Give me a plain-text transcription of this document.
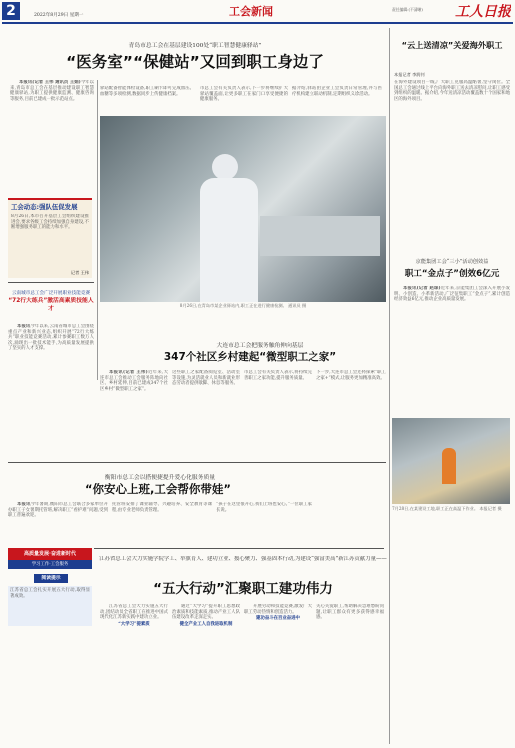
2	2022年8月29日 星期一	工会新闻	责任编辑:(不清晰)	工人日报
青岛市总工会在基层建设100处“职工智慧健康驿站”
“医务室”“保健站”又回到职工身边了

本报讯(记者 王伟 通讯员 王娟)今年以来,青岛市总工会在基层推动建设职工智慧健康驿站,为职工提供健康监测、健康咨询等服务,目前已建成一批示范站点。

驿站配备智能体检设备,职工刷卡即可完成血压、血糖等多项检测,数据同步上传健康档案。
市总工会有关负责人表示,下一步将继续扩大驿站覆盖面,让更多职工在家门口享受便捷的健康服务。
据介绍,驿站由企业工会负责日常管理,并与医疗机构建立联动机制,定期组织义诊活动。
工会动态:强队伍促发展
8月26日,本市召开基层工会组织建设推进会,要求各级工会持续加强自身建设,不断增强服务职工的能力和水平。
记者 王伟
云南城市总工会广泛开展职业技能竞赛
“72行大练兵”激活高素质技能人才

本报讯今年以来,云南省城市总工会围绕重点产业和新兴业态,组织开展“72行大练兵”职业技能竞赛活动,累计参赛职工数万人次,涌现出一批技术能手,为高质量发展提供了坚实的人才支撑。

8月26日,在青岛市某企业驿站内,职工正在进行健康检测。 通讯员 摄
大连市总工会把服务触角伸向基层
347个社区乡村建起“微型职工之家”

本报讯(记者 王伟)近年来,大连市总工会推动工会服务阵地向社区、乡村延伸,目前已建成347个社区乡村“微型职工之家”。

这些职工之家配备阅览室、活动室等设施,为灵活就业人员和新就业形态劳动者提供歇脚、休息等服务。
市总工会有关负责人表示,将持续完善职工之家功能,提升服务质量。
下一步,大连市总工会还将探索“职工之家+”模式,让服务更加精准高效。
衡阳市总工会以搭便捷提升爱心化服务质量
“你安心上班,工会帮你带娃”

本报讯今年暑期,衡阳市总工会联合多家单位开办职工子女暑期托管班,解决职工“看护难”问题,受到职工普遍欢迎。

托管班安排了课业辅导、兴趣培养、安全教育等课程,由专业老师负责管理。
“孩子在这里很开心,我们上班也安心。”一位职工家长说。
高质量发展·奋进新时代
学习工作·工会服务
阅读提示
江苏省总工会扎实开展五大行动,取得显著成效。
江苏省总工会大力实施学院学工、举旗育人、建功立业、援心聚力、强基固本行动,为建设“强富美高”新江苏贡献力量——
“五大行动”汇聚职工建功伟力

江苏省总工会大力实施五大行动,团结动员全省职工在推进中国式现代化江苏新实践中建功立业。

“大学习”提素质

通过“大学习”提升职工思想政治素质和技能素质,推动产业工人队伍建设改革走深走实。

健全产业工人自我进取机制

开展劳动和技能竞赛,激发广大职工劳动热情和创造活力。

建功奋斗在百业奋进中
关心关爱职工,帮助解决急难愁盼问题,让职工群众有更多获得感幸福感。
“云上送清凉”关爱海外职工
本报记者 李润钊
在海外建设项目一线,广大职工克服高温酷暑,坚守岗位。全国总工会通过线上平台向海外职工送去清凉慰问,让职工感受到组织的温暖。据介绍,今年送清凉活动覆盖数十个国家和地区的海外项目。
京能集团工会“三小”活动创效益
职工“金点子”创效6亿元

本报讯(记者 赵琛)近年来,京能集团工会深入开展小发明、小创造、小革新活动,广泛征集职工“金点子”,累计创造经济效益6亿元,推动企业高质量发展。

7月28日,在某建设工地,职工正在高温下作业。 本报记者 摄
